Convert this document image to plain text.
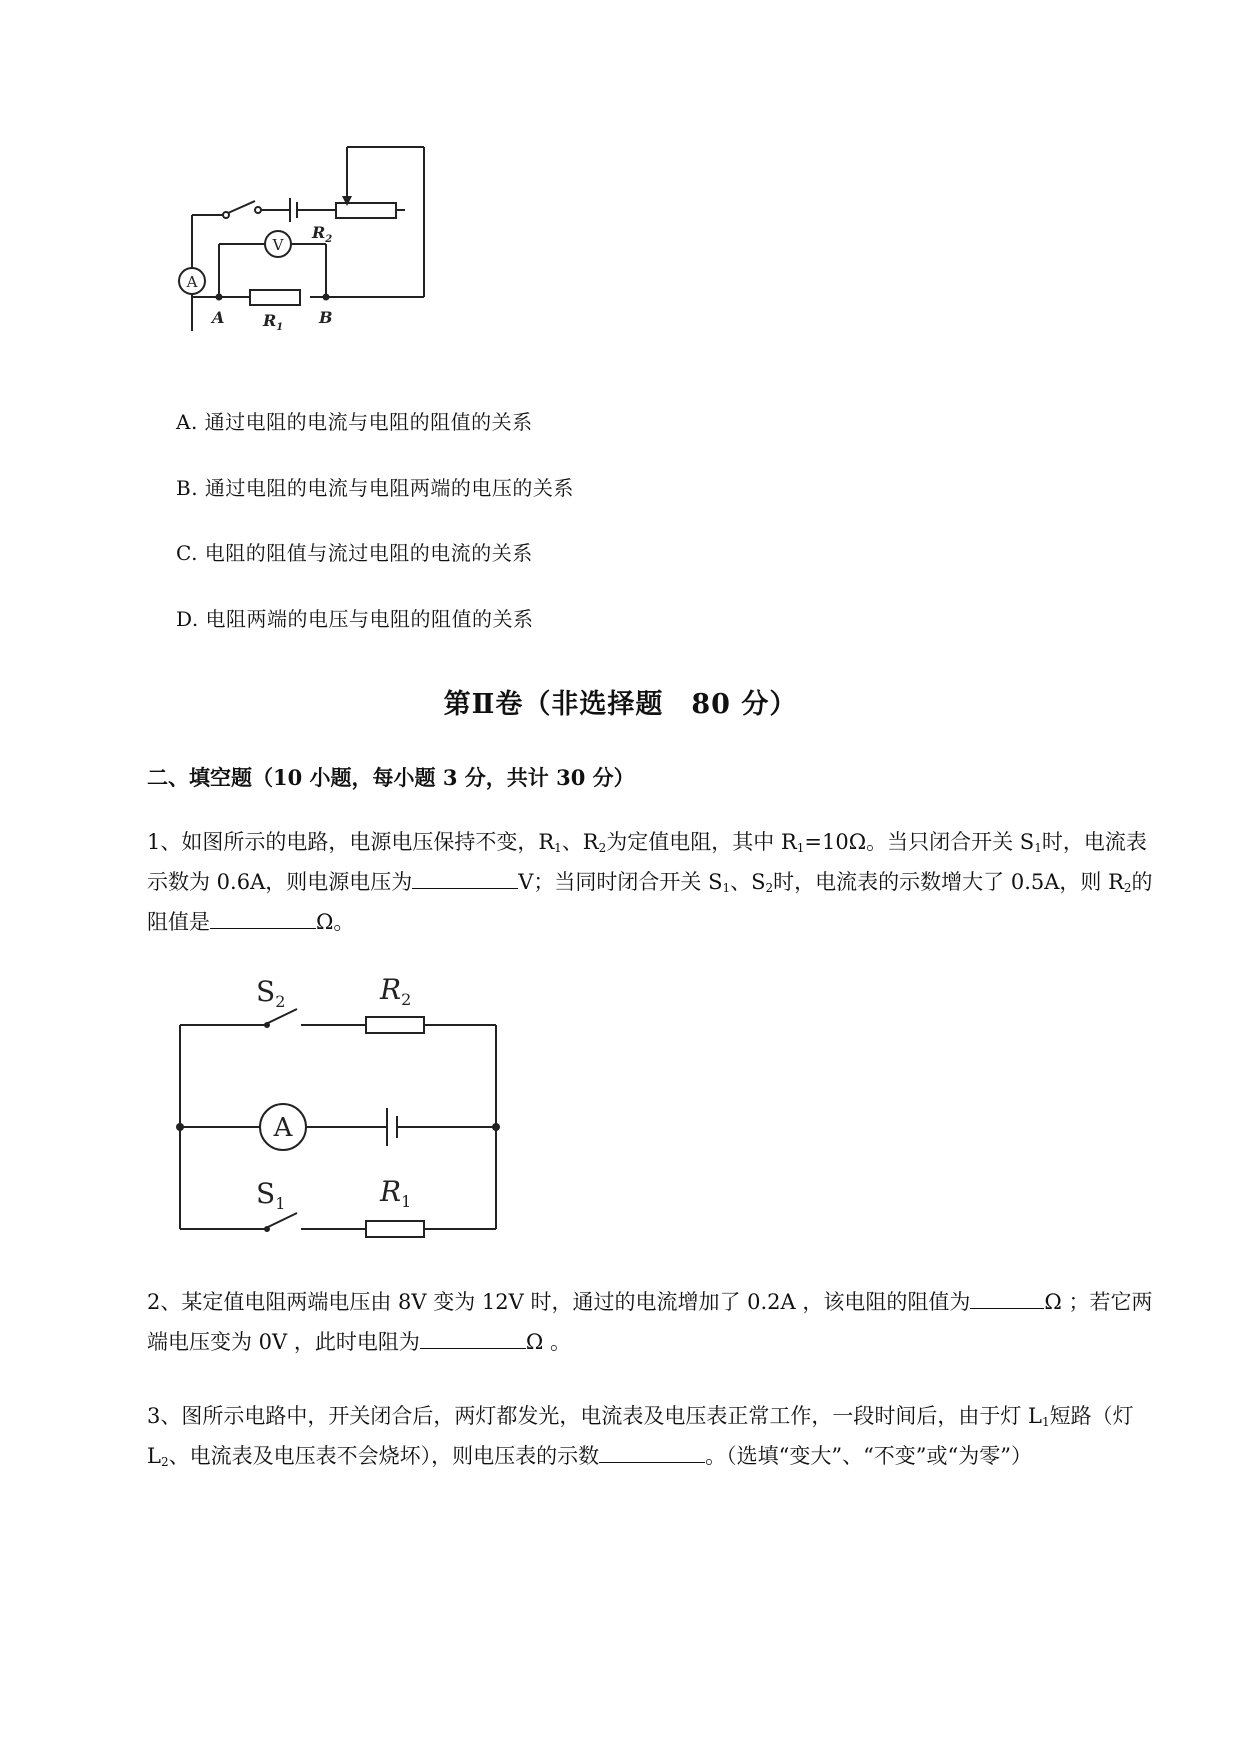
A
V
$R_2$
A $R_1$
B
A. 通过电阻的电流与电阻的阻值的关系
B. 通过电阻的电流与电阻两端的电压的关系
C. 电阻的阻值与流过电阻的电流的关系
D. 电阻两端的电压与电阻的阻值的关系
第Ⅱ卷（非选择题　80 分）
二、填空题（10 小题，每小题 3 分，共计 30 分）

1、如图所示的电路，电源电压保持不变，$R_1$、$R_2$为定值电阻，其中 $R_1=10\Omega$。当只闭合开关 $S_1$时，电流表示数为 0.6A，则电源电压为	V；当同时闭合开关 $S_1$、$S_2$时，电流表的示数增大了 0.5A，则 $R_2$的阻值是	Ω。

A
$S_2$	$R_2$
$S_1$	$R_1$

2、某定值电阻两端电压由 8V 变为 12V 时，通过的电流增加了 0.2A ，该电阻的阻值为	Ω ；若它两端电压变为 0V ，此时电阻为	Ω 。

3、图所示电路中，开关闭合后，两灯都发光，电流表及电压表正常工作，一段时间后，由于灯 $L_1$短路（灯 $L_2$、电流表及电压表不会烧坏），则电压表的示数	。（选填“变大”、“不变”或“为零”）
